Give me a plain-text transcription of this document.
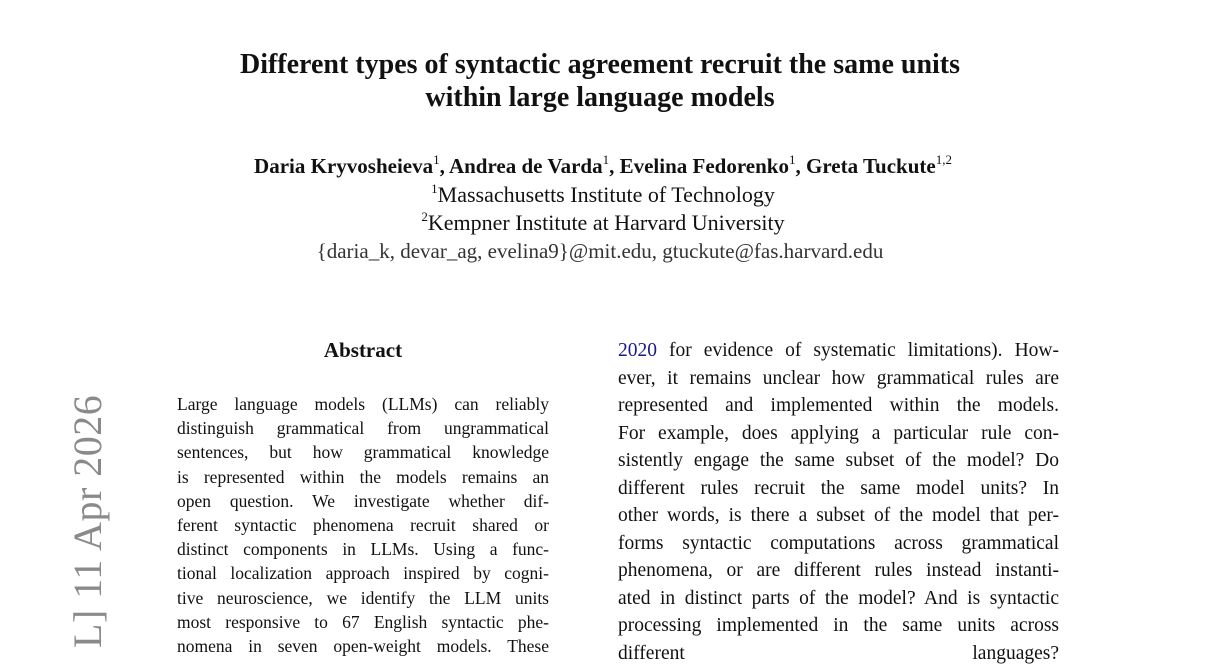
L] 11 Apr 2026
Different types of syntactic agreement recruit the same units
within large language models

Daria Kryvosheieva$^1$, Andrea de Varda$^1$, Evelina Fedorenko$^1$, Greta Tuckute$^{1,2}$

$^1$Massachusetts Institute of Technology

$^2$Kempner Institute at Harvard University

{daria_k, devar_ag, evelina9}@mit.edu, gtuckute@fas.harvard.edu

Abstract
Large language models (LLMs) can reliably
distinguish grammatical from ungrammatical
sentences, but how grammatical knowledge
is represented within the models remains an
open question. We investigate whether dif-
ferent syntactic phenomena recruit shared or
distinct components in LLMs. Using a func-
tional localization approach inspired by cogni-
tive neuroscience, we identify the LLM units
most responsive to 67 English syntactic phe-
nomena in seven open-weight models. These
2020 for evidence of systematic limitations). How-
ever, it remains unclear how grammatical rules are
represented and implemented within the models.
For example, does applying a particular rule con-
sistently engage the same subset of the model? Do
different rules recruit the same model units? In
other words, is there a subset of the model that per-
forms syntactic computations across grammatical
phenomena, or are different rules instead instanti-
ated in distinct parts of the model? And is syntactic
processing implemented in the same units across
different languages?
